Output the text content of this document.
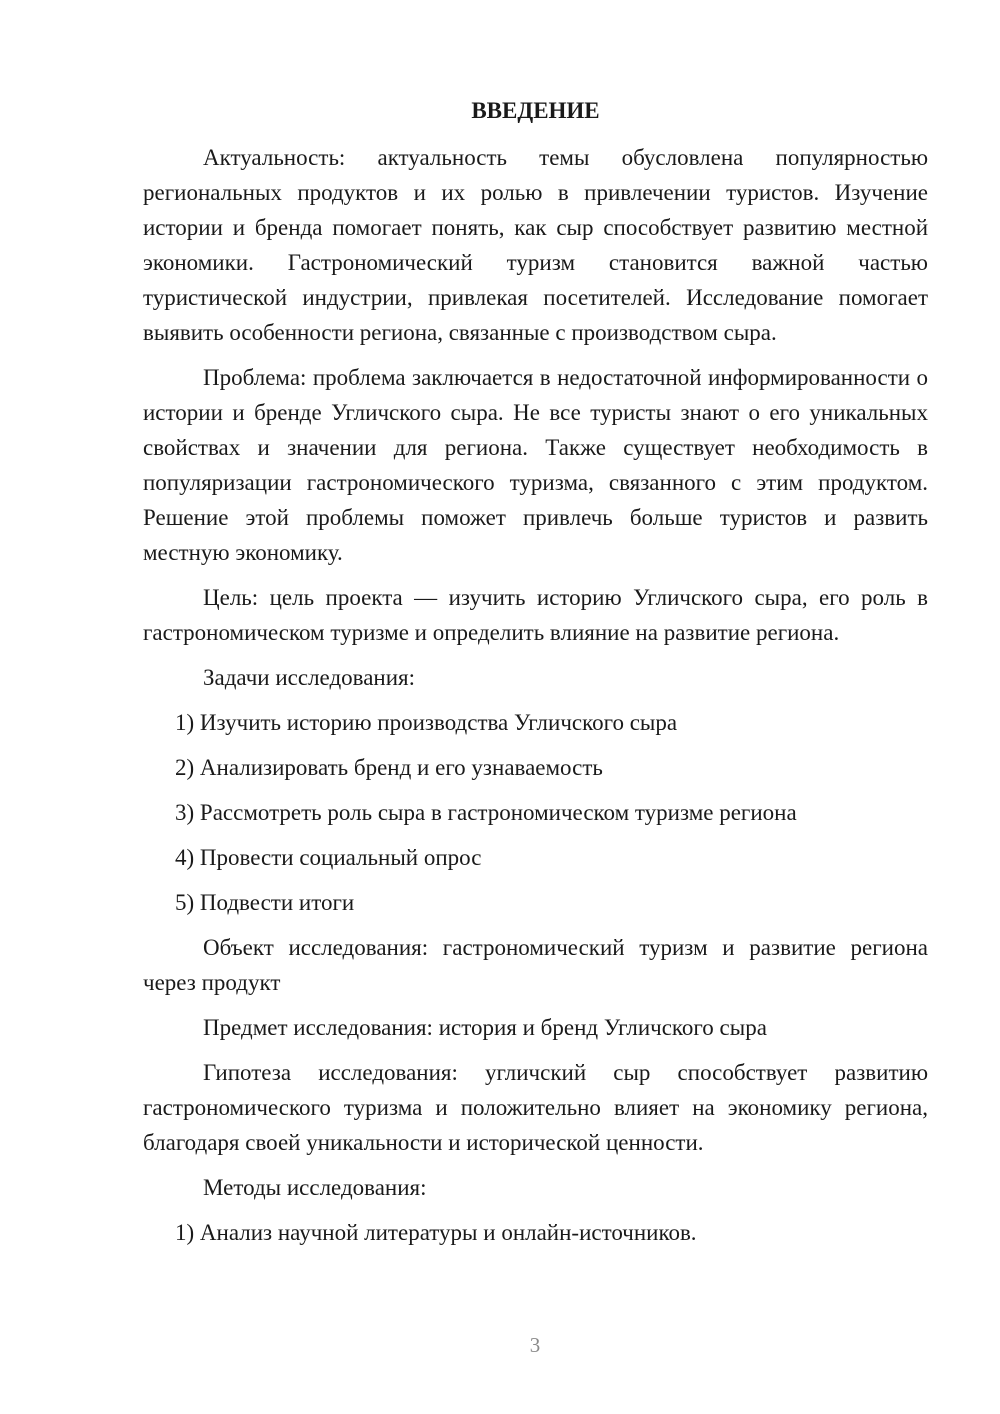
ВВЕДЕНИЕ

Актуальность: актуальность темы обусловлена популярностью региональных продуктов и их ролью в привлечении туристов. Изучение истории и бренда помогает понять, как сыр способствует развитию местной экономики. Гастрономический туризм становится важной частью туристической индустрии, привлекая посетителей. Исследование помогает выявить особенности региона, связанные с производством сыра.

Проблема: проблема заключается в недостаточной информированности о истории и бренде Угличского сыра. Не все туристы знают о его уникальных свойствах и значении для региона. Также существует необходимость в популяризации гастрономического туризма, связанного с этим продуктом. Решение этой проблемы поможет привлечь больше туристов и развить местную экономику.

Цель: цель проекта — изучить историю Угличского сыра, его роль в гастрономическом туризме и определить влияние на развитие региона.

Задачи исследования:
1) Изучить историю производства Угличского сыра
2) Анализировать бренд и его узнаваемость
3) Рассмотреть роль сыра в гастрономическом туризме региона
4) Провести социальный опрос
5) Подвести итоги

Объект исследования: гастрономический туризм и развитие региона через продукт

Предмет исследования: история и бренд Угличского сыра

Гипотеза исследования: угличский сыр способствует развитию гастрономического туризма и положительно влияет на экономику региона, благодаря своей уникальности и исторической ценности.

Методы исследования:
1) Анализ научной литературы и онлайн-источников.
3
